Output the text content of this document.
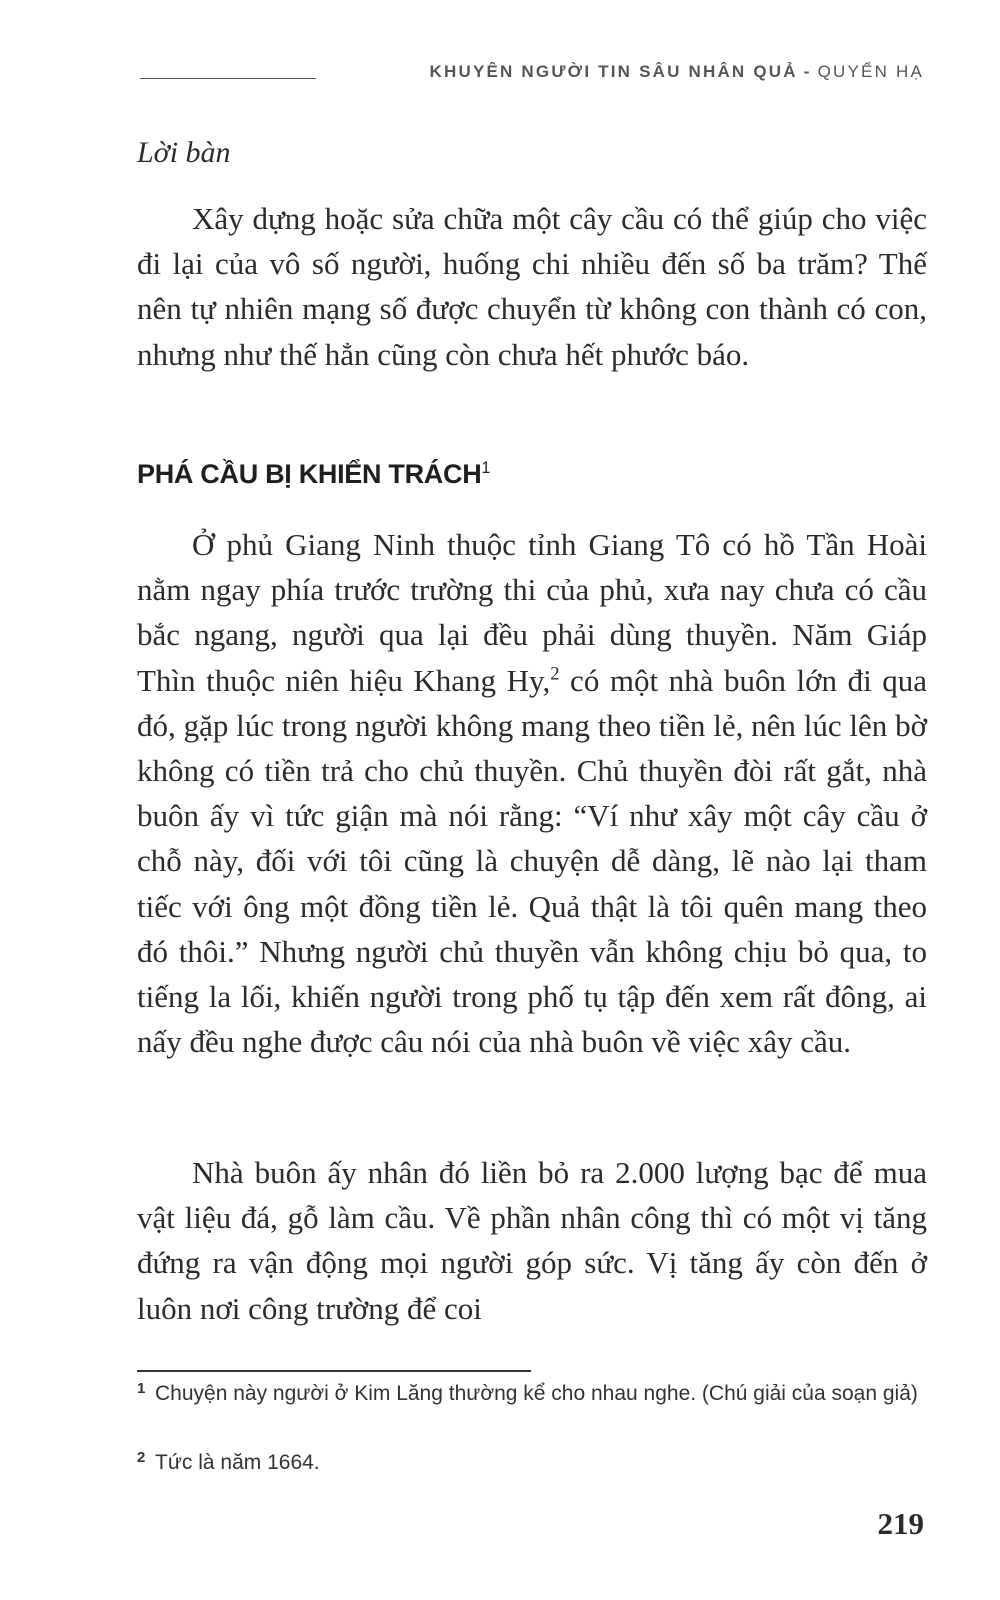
KHUYÊN NGƯỜI TIN SÂU NHÂN QUẢ - QUYỂN HẠ
Lời bàn

Xây dựng hoặc sửa chữa một cây cầu có thể giúp cho việc đi lại của vô số người, huống chi nhiều đến số ba trăm? Thế nên tự nhiên mạng số được chuyển từ không con thành có con, nhưng như thế hẳn cũng còn chưa hết phước báo.

PHÁ CẦU BỊ KHIỂN TRÁCH$^1$

Ở phủ Giang Ninh thuộc tỉnh Giang Tô có hồ Tần Hoài nằm ngay phía trước trường thi của phủ, xưa nay chưa có cầu bắc ngang, người qua lại đều phải dùng thuyền. Năm Giáp Thìn thuộc niên hiệu Khang Hy,$^2$ có một nhà buôn lớn đi qua đó, gặp lúc trong người không mang theo tiền lẻ, nên lúc lên bờ không có tiền trả cho chủ thuyền. Chủ thuyền đòi rất gắt, nhà buôn ấy vì tức giận mà nói rằng: “Ví như xây một cây cầu ở chỗ này, đối với tôi cũng là chuyện dễ dàng, lẽ nào lại tham tiếc với ông một đồng tiền lẻ. Quả thật là tôi quên mang theo đó thôi.” Nhưng người chủ thuyền vẫn không chịu bỏ qua, to tiếng la lối, khiến người trong phố tụ tập đến xem rất đông, ai nấy đều nghe được câu nói của nhà buôn về việc xây cầu.

Nhà buôn ấy nhân đó liền bỏ ra 2.000 lượng bạc để mua vật liệu đá, gỗ làm cầu. Về phần nhân công thì có một vị tăng đứng ra vận động mọi người góp sức. Vị tăng ấy còn đến ở luôn nơi công trường để coi

1 Chuyện này người ở Kim Lăng thường kể cho nhau nghe. (Chú giải của soạn giả)
2 Tức là năm 1664.
219
